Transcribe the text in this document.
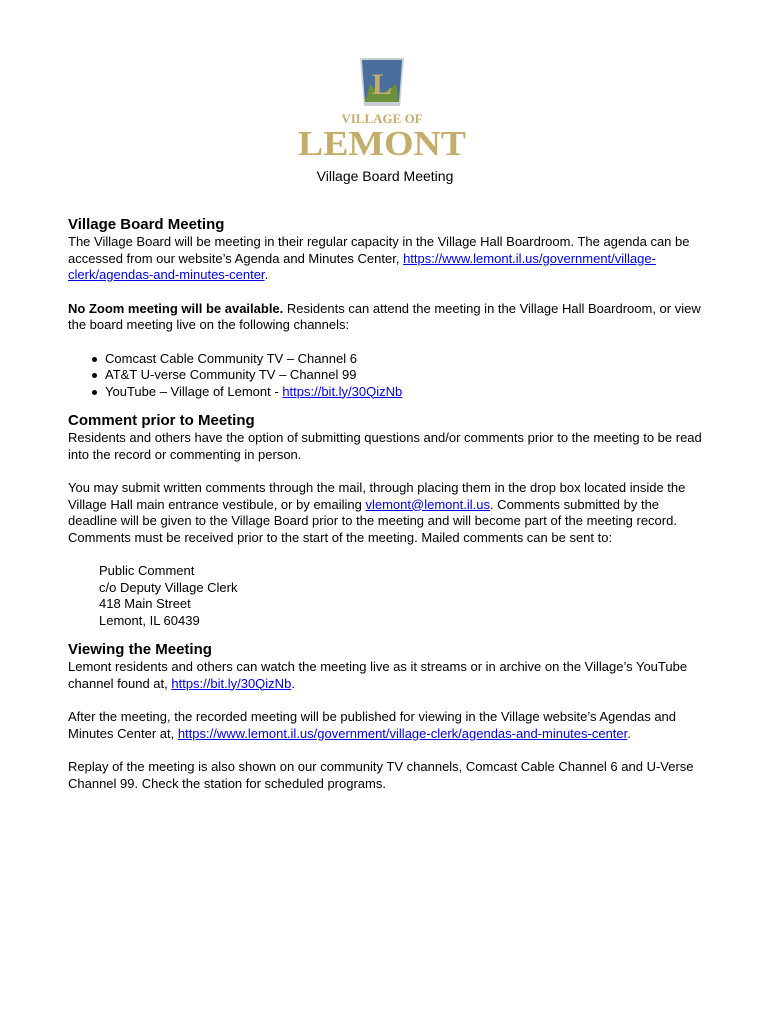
L
VILLAGE OF
LEMONT
Village Board Meeting
Village Board Meeting

The Village Board will be meeting in their regular capacity in the Village Hall Boardroom. The agenda can be accessed from our website’s Agenda and Minutes Center, https://www.lemont.il.us/government/village-clerk/agendas-and-minutes-center.

No Zoom meeting will be available. Residents can attend the meeting in the Village Hall Boardroom, or view the board meeting live on the following channels:

Comcast Cable Community TV – Channel 6
AT&T U-verse Community TV – Channel 99
YouTube – Village of Lemont - https://bit.ly/30QizNb
Comment prior to Meeting

Residents and others have the option of submitting questions and/or comments prior to the meeting to be read into the record or commenting in person.

You may submit written comments through the mail, through placing them in the drop box located inside the Village Hall main entrance vestibule, or by emailing vlemont@lemont.il.us. Comments submitted by the deadline will be given to the Village Board prior to the meeting and will become part of the meeting record. Comments must be received prior to the start of the meeting. Mailed comments can be sent to:

Public Comment
c/o Deputy Village Clerk
418 Main Street
Lemont, IL 60439
Viewing the Meeting

Lemont residents and others can watch the meeting live as it streams or in archive on the Village’s YouTube channel found at, https://bit.ly/30QizNb.

After the meeting, the recorded meeting will be published for viewing in the Village website’s Agendas and Minutes Center at, https://www.lemont.il.us/government/village-clerk/agendas-and-minutes-center.

Replay of the meeting is also shown on our community TV channels, Comcast Cable Channel 6 and U-Verse Channel 99. Check the station for scheduled programs.
